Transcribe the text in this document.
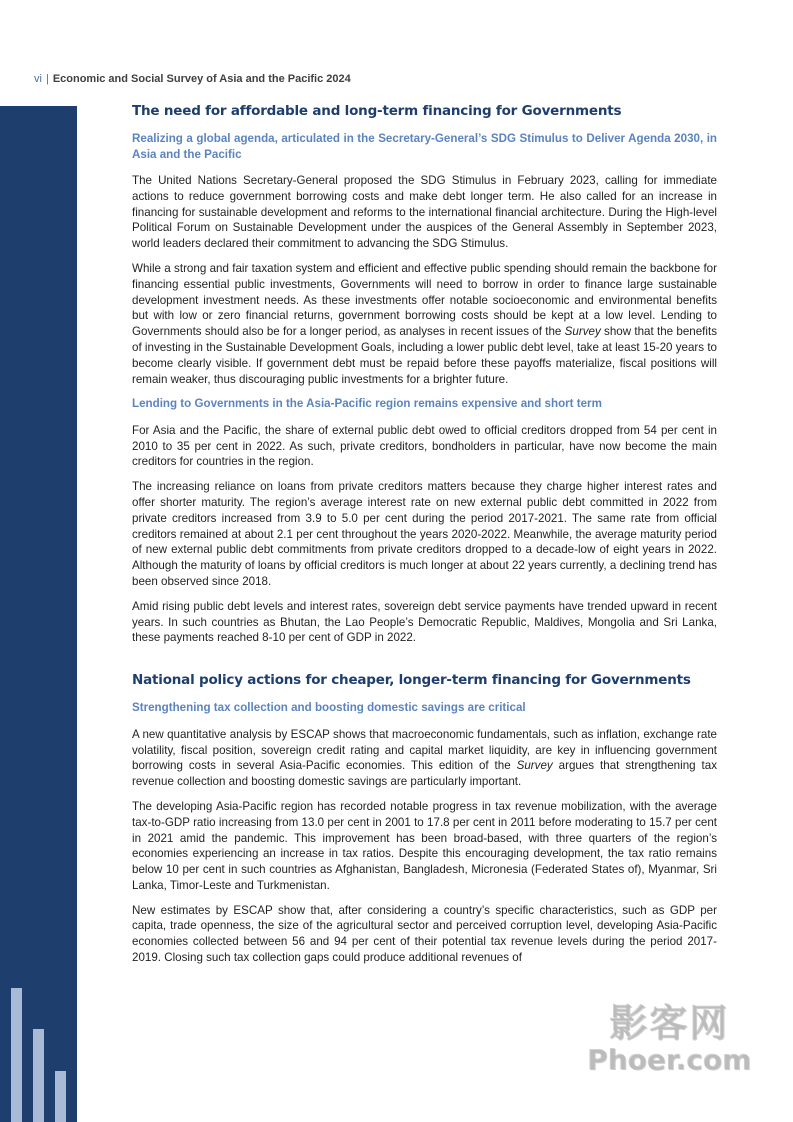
vi | Economic and Social Survey of Asia and the Pacific 2024
The need for affordable and long-term financing for Governments
Realizing a global agenda, articulated in the Secretary-General’s SDG Stimulus to Deliver Agenda 2030, in Asia and the Pacific

The United Nations Secretary-General proposed the SDG Stimulus in February 2023, calling for immediate actions to reduce government borrowing costs and make debt longer term. He also called for an increase in financing for sustainable development and reforms to the international financial architecture. During the High-level Political Forum on Sustainable Development under the auspices of the General Assembly in September 2023, world leaders declared their commitment to advancing the SDG Stimulus.

While a strong and fair taxation system and efficient and effective public spending should remain the backbone for financing essential public investments, Governments will need to borrow in order to finance large sustainable development investment needs. As these investments offer notable socioeconomic and environmental benefits but with low or zero financial returns, government borrowing costs should be kept at a low level. Lending to Governments should also be for a longer period, as analyses in recent issues of the Survey show that the benefits of investing in the Sustainable Development Goals, including a lower public debt level, take at least 15-20 years to become clearly visible. If government debt must be repaid before these payoffs materialize, fiscal positions will remain weaker, thus discouraging public investments for a brighter future.

Lending to Governments in the Asia-Pacific region remains expensive and short term

For Asia and the Pacific, the share of external public debt owed to official creditors dropped from 54 per cent in 2010 to 35 per cent in 2022. As such, private creditors, bondholders in particular, have now become the main creditors for countries in the region.

The increasing reliance on loans from private creditors matters because they charge higher interest rates and offer shorter maturity. The region’s average interest rate on new external public debt committed in 2022 from private creditors increased from 3.9 to 5.0 per cent during the period 2017-2021. The same rate from official creditors remained at about 2.1 per cent throughout the years 2020-2022. Meanwhile, the average maturity period of new external public debt commitments from private creditors dropped to a decade-low of eight years in 2022. Although the maturity of loans by official creditors is much longer at about 22 years currently, a declining trend has been observed since 2018.

Amid rising public debt levels and interest rates, sovereign debt service payments have trended upward in recent years. In such countries as Bhutan, the Lao People’s Democratic Republic, Maldives, Mongolia and Sri Lanka, these payments reached 8-10 per cent of GDP in 2022.

National policy actions for cheaper, longer-term financing for Governments
Strengthening tax collection and boosting domestic savings are critical

A new quantitative analysis by ESCAP shows that macroeconomic fundamentals, such as inflation, exchange rate volatility, fiscal position, sovereign credit rating and capital market liquidity, are key in influencing government borrowing costs in several Asia-Pacific economies. This edition of the Survey argues that strengthening tax revenue collection and boosting domestic savings are particularly important.

The developing Asia-Pacific region has recorded notable progress in tax revenue mobilization, with the average tax-to-GDP ratio increasing from 13.0 per cent in 2001 to 17.8 per cent in 2011 before moderating to 15.7 per cent in 2021 amid the pandemic. This improvement has been broad-based, with three quarters of the region’s economies experiencing an increase in tax ratios. Despite this encouraging development, the tax ratio remains below 10 per cent in such countries as Afghanistan, Bangladesh, Micronesia (Federated States of), Myanmar, Sri Lanka, Timor-Leste and Turkmenistan.

New estimates by ESCAP show that, after considering a country’s specific characteristics, such as GDP per capita, trade openness, the size of the agricultural sector and perceived corruption level, developing Asia-Pacific economies collected between 56 and 94 per cent of their potential tax revenue levels during the period 2017-2019. Closing such tax collection gaps could produce additional revenues of

影客网
Phoer.com
